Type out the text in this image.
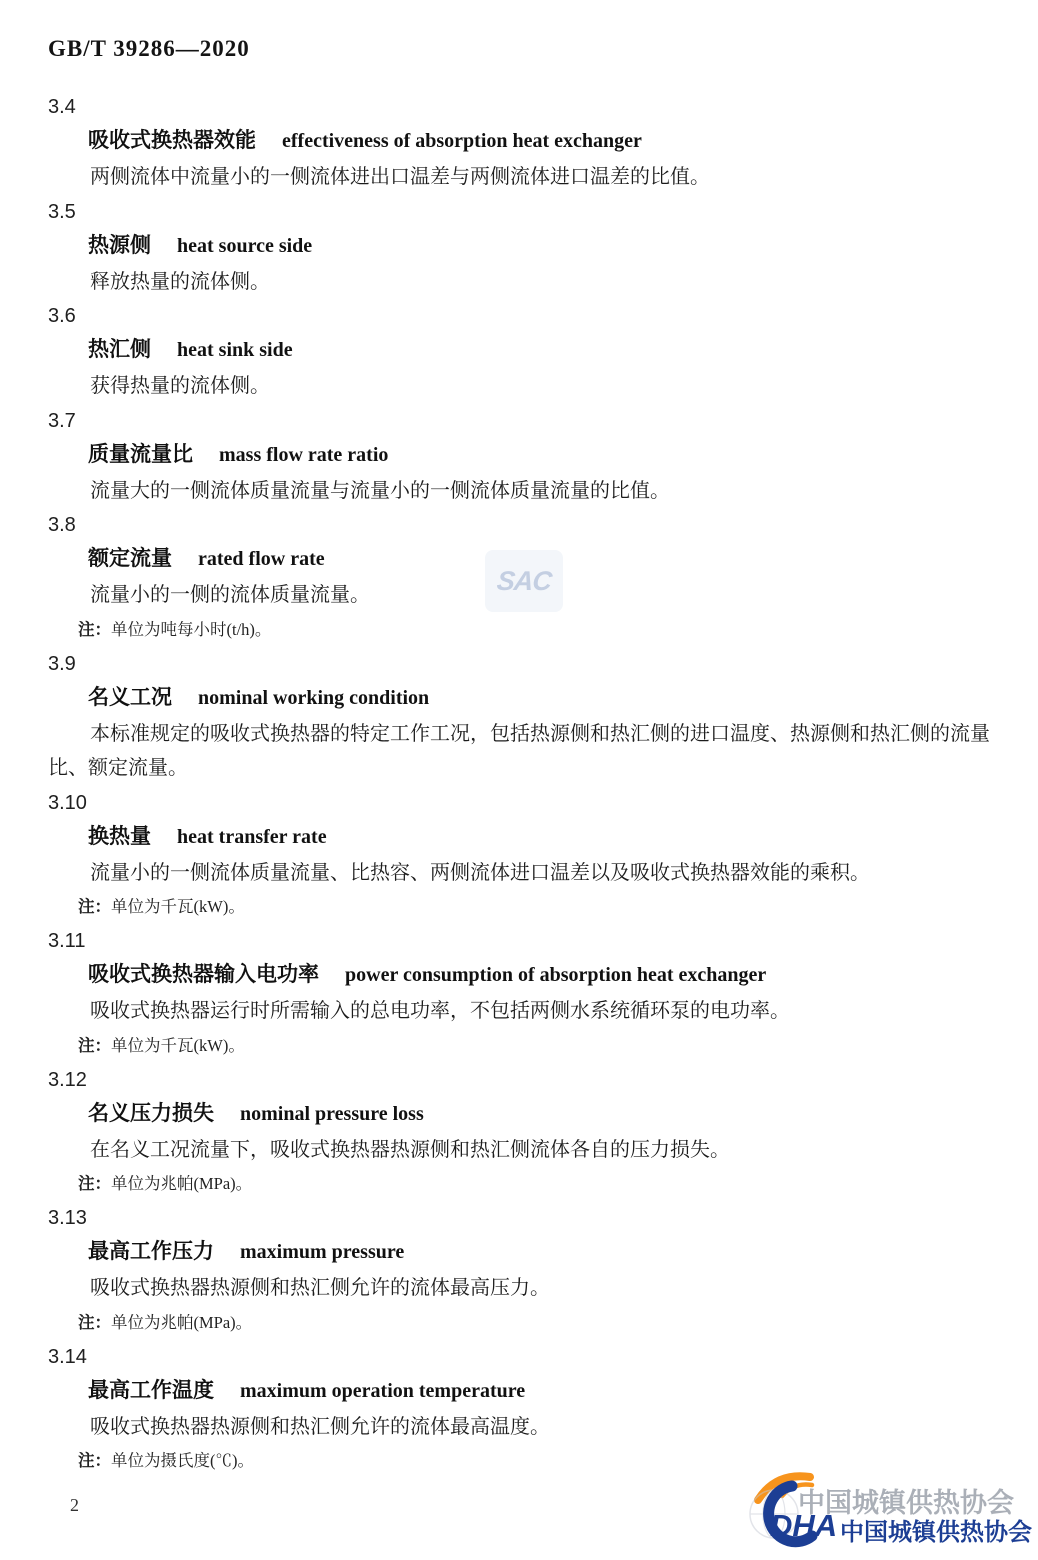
GB/T 39286—2020
3.4
吸收式换热器效能 effectiveness of absorption heat exchanger

两侧流体中流量小的一侧流体进出口温差与两侧流体进口温差的比值。

3.5
热源侧 heat source side

释放热量的流体侧。

3.6
热汇侧 heat sink side

获得热量的流体侧。

3.7
质量流量比 mass flow rate ratio

流量大的一侧流体质量流量与流量小的一侧流体质量流量的比值。

3.8
额定流量 rated flow rate

流量小的一侧的流体质量流量。

注：单位为吨每小时(t/h)。

3.9
名义工况 nominal working condition

本标准规定的吸收式换热器的特定工作工况，包括热源侧和热汇侧的进口温度、热源侧和热汇侧的流量比、额定流量。

3.10
换热量 heat transfer rate

流量小的一侧流体质量流量、比热容、两侧流体进口温差以及吸收式换热器效能的乘积。

注：单位为千瓦(kW)。

3.11
吸收式换热器输入电功率 power consumption of absorption heat exchanger

吸收式换热器运行时所需输入的总电功率，不包括两侧水系统循环泵的电功率。

注：单位为千瓦(kW)。

3.12
名义压力损失 nominal pressure loss

在名义工况流量下，吸收式换热器热源侧和热汇侧流体各自的压力损失。

注：单位为兆帕(MPa)。

3.13
最高工作压力 maximum pressure

吸收式换热器热源侧和热汇侧允许的流体最高压力。

注：单位为兆帕(MPa)。

3.14
最高工作温度 maximum operation temperature

吸收式换热器热源侧和热汇侧允许的流体最高温度。

注：单位为摄氏度(℃)。

SAC
2
DHA
中国城镇供热协会
中国城镇供热协会
